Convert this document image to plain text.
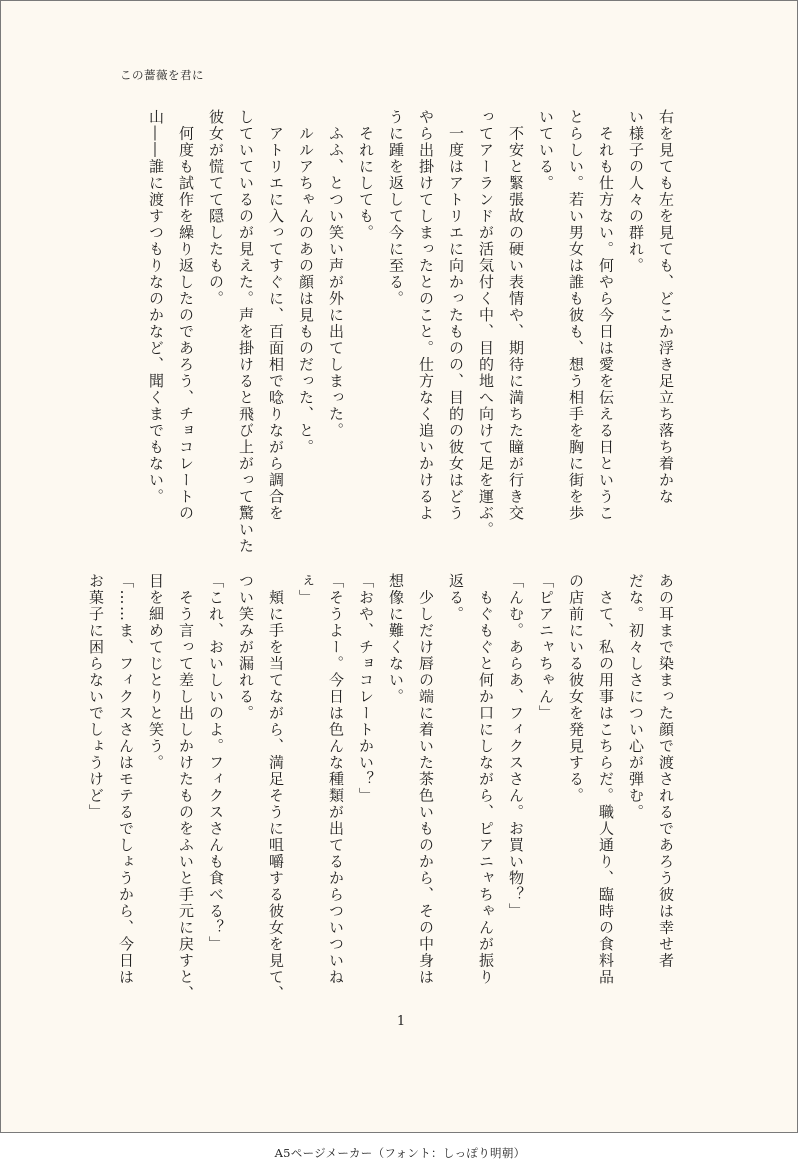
この薔薇を君に
右を見ても左を見ても、どこか浮き足立ち落ち着かな
い様子の人々の群れ。
　それも仕方ない。何やら今日は愛を伝える日というこ
とらしい。若い男女は誰も彼も、想う相手を胸に街を歩
いている。
　不安と緊張故の硬い表情や、期待に満ちた瞳が行き交
ってアーランドが活気付く中、目的地へ向けて足を運ぶ。
　一度はアトリエに向かったものの、目的の彼女はどう
やら出掛けてしまったとのこと。仕方なく追いかけるよ
うに踵を返して今に至る。
　それにしても。
　ふふ、とつい笑い声が外に出てしまった。
　ルルアちゃんのあの顔は見ものだった、と。
　アトリエに入ってすぐに、百面相で唸りながら調合を
していているのが見えた。声を掛けると飛び上がって驚いた
彼女が慌てて隠したもの。
　何度も試作を繰り返したのであろう、チョコレートの
山――誰に渡すつもりなのかなど、聞くまでもない。
あの耳まで染まった顔で渡されるであろう彼は幸せ者
だな。初々しさについ心が弾む。
　さて、私の用事はこちらだ。職人通り、臨時の食料品
の店前にいる彼女を発見する。
「ピアニャちゃん」
「んむ。あらあ、フィクスさん。お買い物？」
　もぐもぐと何か口にしながら、ピアニャちゃんが振り
返る。
　少しだけ唇の端に着いた茶色いものから、その中身は
想像に難くない。
「おや、チョコレートかい？」
「そうよー。今日は色んな種類が出てるからついついね
ぇ」
　頬に手を当てながら、満足そうに咀嚼する彼女を見て、
つい笑みが漏れる。
「これ、おいしいのよ。フィクスさんも食べる？」
　そう言って差し出しかけたものをふいと手元に戻すと、
目を細めてじとりと笑う。
「……ま、フィクスさんはモテるでしょうから、今日は
お菓子に困らないでしょうけど」
1
A5ページメーカー（フォント：しっぽり明朝）
